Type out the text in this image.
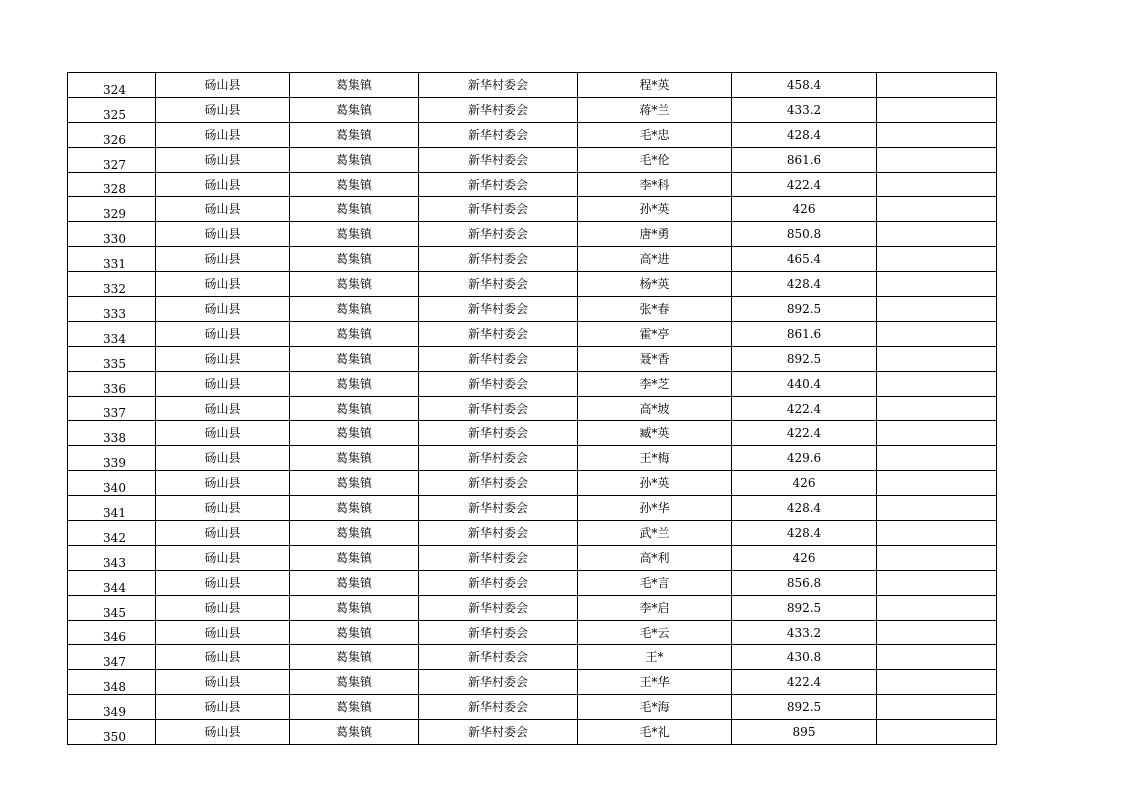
324	砀山县	葛集镇	新华村委会	程*英	458.4	
325	砀山县	葛集镇	新华村委会	蒋*兰	433.2	
326	砀山县	葛集镇	新华村委会	毛*忠	428.4	
327	砀山县	葛集镇	新华村委会	毛*伦	861.6	
328	砀山县	葛集镇	新华村委会	李*科	422.4	
329	砀山县	葛集镇	新华村委会	孙*英	426	
330	砀山县	葛集镇	新华村委会	唐*勇	850.8	
331	砀山县	葛集镇	新华村委会	高*进	465.4	
332	砀山县	葛集镇	新华村委会	杨*英	428.4	
333	砀山县	葛集镇	新华村委会	张*春	892.5	
334	砀山县	葛集镇	新华村委会	霍*亭	861.6	
335	砀山县	葛集镇	新华村委会	聂*香	892.5	
336	砀山县	葛集镇	新华村委会	李*芝	440.4	
337	砀山县	葛集镇	新华村委会	高*坡	422.4	
338	砀山县	葛集镇	新华村委会	臧*英	422.4	
339	砀山县	葛集镇	新华村委会	王*梅	429.6	
340	砀山县	葛集镇	新华村委会	孙*英	426	
341	砀山县	葛集镇	新华村委会	孙*华	428.4	
342	砀山县	葛集镇	新华村委会	武*兰	428.4	
343	砀山县	葛集镇	新华村委会	高*利	426	
344	砀山县	葛集镇	新华村委会	毛*言	856.8	
345	砀山县	葛集镇	新华村委会	李*启	892.5	
346	砀山县	葛集镇	新华村委会	毛*云	433.2	
347	砀山县	葛集镇	新华村委会	王*	430.8	
348	砀山县	葛集镇	新华村委会	王*华	422.4	
349	砀山县	葛集镇	新华村委会	毛*海	892.5	
350	砀山县	葛集镇	新华村委会	毛*礼	895	
